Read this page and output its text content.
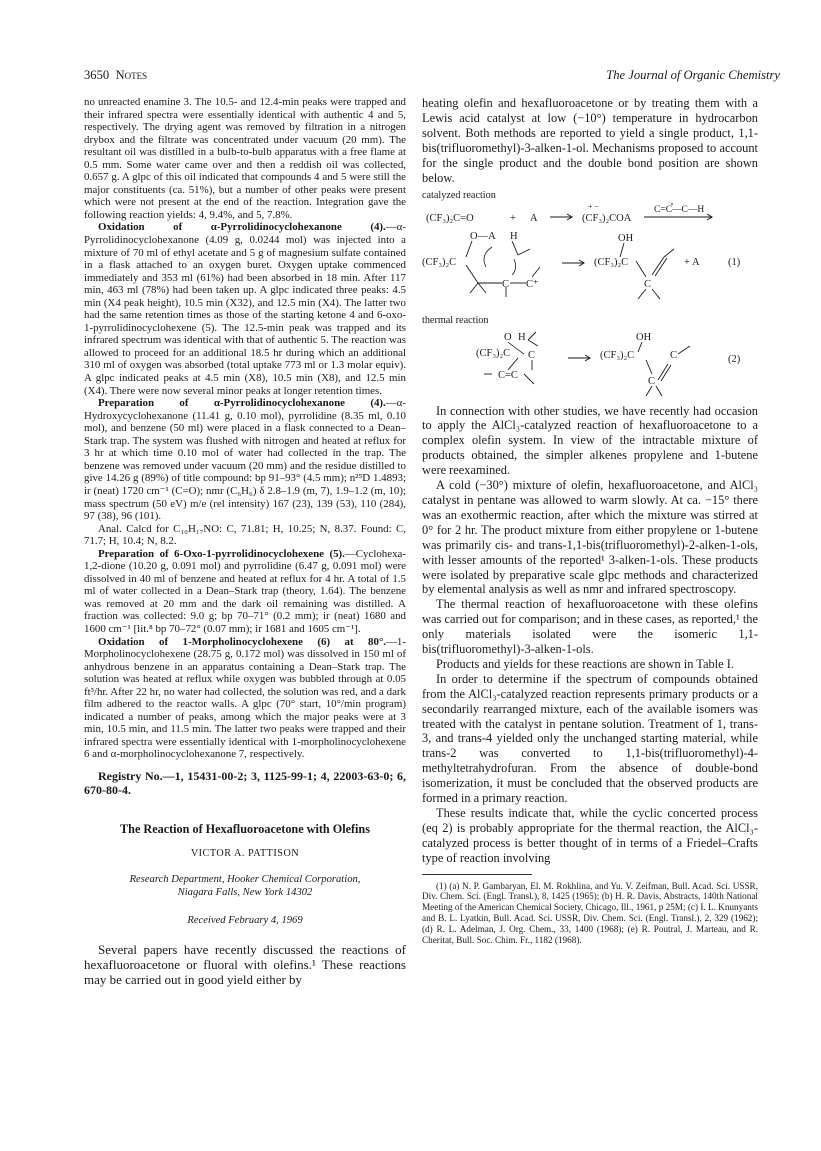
3650 Notes	The Journal of Organic Chemistry

no unreacted enamine 3. The 10.5- and 12.4-min peaks were trapped and their infrared spectra were essentially identical with authentic 4 and 5, respectively. The drying agent was removed by filtration in a nitrogen drybox and the filtrate was concentrated under vacuum (20 mm). The resultant oil was distilled in a bulb-to-bulb apparatus with a free flame at 0.5 mm. Some water came over and then a reddish oil was collected, 0.657 g. A glpc of this oil indicated that compounds 4 and 5 were still the major constituents (ca. 51%), but a number of other peaks were present which were not present at the end of the reaction. Integration gave the following reaction yields: 4, 9.4%, and 5, 7.8%.

Oxidation of α-Pyrrolidinocyclohexanone (4).—α-Pyrrolidinocyclohexanone (4.09 g, 0.0244 mol) was injected into a mixture of 70 ml of ethyl acetate and 5 g of magnesium sulfate contained in a flask attached to an oxygen buret. Oxygen uptake commenced immediately and 353 ml (61%) had been absorbed in 18 min. After 117 min, 463 ml (78%) had been taken up. A glpc indicated three peaks: 4.5 min (X4 peak height), 10.5 min (X32), and 12.5 min (X4). The latter two had the same retention times as those of the starting ketone 4 and 6-oxo-1-pyrrolidinocyclohexene (5). The 12.5-min peak was trapped and its infrared spectrum was identical with that of authentic 5. The reaction was allowed to proceed for an additional 18.5 hr during which an additional 310 ml of oxygen was absorbed (total uptake 773 ml or 1.3 molar equiv). A glpc indicated peaks at 4.5 min (X8), 10.5 min (X8), and 12.5 min (X4). There were now several minor peaks at longer retention times.

Preparation of α-Pyrrolidinocyclohexanone (4).—α-Hydroxycyclohexanone (11.41 g, 0.10 mol), pyrrolidine (8.35 ml, 0.10 mol), and benzene (50 ml) were placed in a flask connected to a Dean–Stark trap. The system was flushed with nitrogen and heated at reflux for 3 hr at which time 0.10 mol of water had collected in the trap. The benzene was removed under vacuum (20 mm) and the residue distilled to give 14.26 g (89%) of title compound: bp 91–93° (4.5 mm); n²⁵D 1.4893; ir (neat) 1720 cm⁻¹ (C=O); nmr (C₆H₆) δ 2.8–1.9 (m, 7), 1.9–1.2 (m, 10); mass spectrum (50 eV) m/e (rel intensity) 167 (23), 139 (53), 110 (284), 97 (38), 96 (101).

Anal. Calcd for C₁₀H₁₇NO: C, 71.81; H, 10.25; N, 8.37. Found: C, 71.7; H, 10.4; N, 8.2.

Preparation of 6-Oxo-1-pyrrolidinocyclohexene (5).—Cyclohexa-1,2-dione (10.20 g, 0.091 mol) and pyrrolidine (6.47 g, 0.091 mol) were dissolved in 40 ml of benzene and heated at reflux for 4 hr. A total of 1.5 ml of water collected in a Dean–Stark trap (theory, 1.64). The benzene was removed at 20 mm and the dark oil remaining was distilled. A fraction was collected: 9.0 g; bp 70–71° (0.2 mm); ir (neat) 1680 and 1600 cm⁻¹ [lit.⁸ bp 70–72° (0.07 mm); ir 1681 and 1605 cm⁻¹].

Oxidation of 1-Morpholinocyclohexene (6) at 80°.—1-Morpholinocyclohexene (28.75 g, 0.172 mol) was dissolved in 150 ml of anhydrous benzene in an apparatus containing a Dean–Stark trap. The solution was heated at reflux while oxygen was bubbled through at 0.05 ft³/hr. After 22 hr, no water had collected, the solution was red, and a dark film adhered to the reactor walls. A glpc (70° start, 10°/min program) indicated a number of peaks, among which the major peaks were at 3 min, 10.5 min, and 11.5 min. The latter two peaks were trapped and their infrared spectra were essentially identical with 1-morpholinocyclohexene 6 and α-morpholinocyclohexanone 7, respectively.

Registry No.—1, 15431-00-2; 3, 1125-99-1; 4, 22003-63-0; 6, 670-80-4.

The Reaction of Hexafluoroacetone with Olefins

VICTOR A. PATTISON

Research Department, Hooker Chemical Corporation,
Niagara Falls, New York 14302

Received February 4, 1969

Several papers have recently discussed the reactions of hexafluoroacetone or fluoral with olefins.¹ These reactions may be carried out in good yield either by

heating olefin and hexafluoroacetone or by treating them with a Lewis acid catalyst at low (−10°) temperature in hydrocarbon solvent. Both methods are reported to yield a single product, 1,1-bis(trifluoromethyl)-3-alken-1-ol. Mechanisms proposed to account for the single product and the double bond position are shown below.

catalyzed reaction

(CF₃)₂C=O	+ A
+ −
(CF₃)₂COA
C=C—C—H
O—A H
(CF₃)₂C
C C⁺
OH
(CF₃)₂C
C
+ A	(1)

thermal reaction

O H
(CF₃)₂C C
C=C
OH
(CF₃)₂C	C
C
(2)

In connection with other studies, we have recently had occasion to apply the AlCl₃-catalyzed reaction of hexafluoroacetone to a complex olefin system. In view of the intractable mixture of products obtained, the simpler alkenes propylene and 1-butene were reexamined.

A cold (−30°) mixture of olefin, hexafluoroacetone, and AlCl₃ catalyst in pentane was allowed to warm slowly. At ca. −15° there was an exothermic reaction, after which the mixture was stirred at 0° for 2 hr. The product mixture from either propylene or 1-butene was primarily cis- and trans-1,1-bis(trifluoromethyl)-2-alken-1-ols, with lesser amounts of the reported¹ 3-alken-1-ols. These products were isolated by preparative scale glpc methods and characterized by elemental analysis as well as nmr and infrared spectroscopy.

The thermal reaction of hexafluoroacetone with these olefins was carried out for comparison; and in these cases, as reported,¹ the only materials isolated were the isomeric 1,1-bis(trifluoromethyl)-3-alken-1-ols.

Products and yields for these reactions are shown in Table I.

In order to determine if the spectrum of compounds obtained from the AlCl₃-catalyzed reaction represents primary products or a secondarily rearranged mixture, each of the available isomers was treated with the catalyst in pentane solution. Treatment of 1, trans-3, and trans-4 yielded only the unchanged starting material, while trans-2 was converted to 1,1-bis(trifluoromethyl)-4-methyltetrahydrofuran. From the absence of double-bond isomerization, it must be concluded that the observed products are formed in a primary reaction.

These results indicate that, while the cyclic concerted process (eq 2) is probably appropriate for the thermal reaction, the AlCl₃-catalyzed process is better thought of in terms of a Friedel–Crafts type of reaction involving

(1) (a) N. P. Gambaryan, El. M. Rokhlina, and Yu. V. Zeifman, Bull. Acad. Sci. USSR, Div. Chem. Sci. (Engl. Transl.), 8, 1425 (1965); (b) H. R. Davis, Abstracts, 140th National Meeting of the American Chemical Society, Chicago, Ill., 1961, p 25M; (c) I. L. Knunyants and B. L. Lyatkin, Bull. Acad. Sci. USSR, Div. Chem. Sci. (Engl. Transl.), 2, 329 (1962); (d) R. L. Adelman, J. Org. Chem., 33, 1400 (1968); (e) R. Poutral, J. Marteau, and R. Cheritat, Bull. Soc. Chim. Fr., 1182 (1968).
